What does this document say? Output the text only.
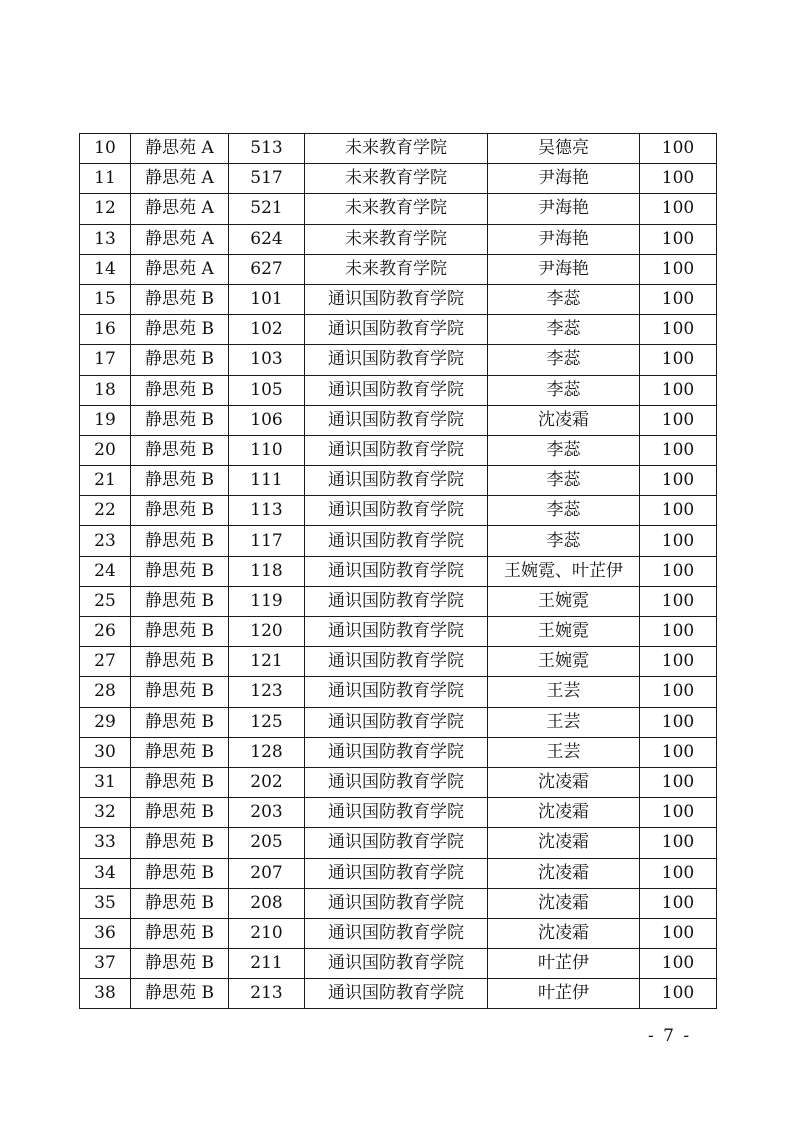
10	静思苑 A	513	未来教育学院	吴德亮	100
11	静思苑 A	517	未来教育学院	尹海艳	100
12	静思苑 A	521	未来教育学院	尹海艳	100
13	静思苑 A	624	未来教育学院	尹海艳	100
14	静思苑 A	627	未来教育学院	尹海艳	100
15	静思苑 B	101	通识国防教育学院	李蕊	100
16	静思苑 B	102	通识国防教育学院	李蕊	100
17	静思苑 B	103	通识国防教育学院	李蕊	100
18	静思苑 B	105	通识国防教育学院	李蕊	100
19	静思苑 B	106	通识国防教育学院	沈凌霜	100
20	静思苑 B	110	通识国防教育学院	李蕊	100
21	静思苑 B	111	通识国防教育学院	李蕊	100
22	静思苑 B	113	通识国防教育学院	李蕊	100
23	静思苑 B	117	通识国防教育学院	李蕊	100
24	静思苑 B	118	通识国防教育学院	王婉霓、叶芷伊	100
25	静思苑 B	119	通识国防教育学院	王婉霓	100
26	静思苑 B	120	通识国防教育学院	王婉霓	100
27	静思苑 B	121	通识国防教育学院	王婉霓	100
28	静思苑 B	123	通识国防教育学院	王芸	100
29	静思苑 B	125	通识国防教育学院	王芸	100
30	静思苑 B	128	通识国防教育学院	王芸	100
31	静思苑 B	202	通识国防教育学院	沈凌霜	100
32	静思苑 B	203	通识国防教育学院	沈凌霜	100
33	静思苑 B	205	通识国防教育学院	沈凌霜	100
34	静思苑 B	207	通识国防教育学院	沈凌霜	100
35	静思苑 B	208	通识国防教育学院	沈凌霜	100
36	静思苑 B	210	通识国防教育学院	沈凌霜	100
37	静思苑 B	211	通识国防教育学院	叶芷伊	100
38	静思苑 B	213	通识国防教育学院	叶芷伊	100
- 7 -
